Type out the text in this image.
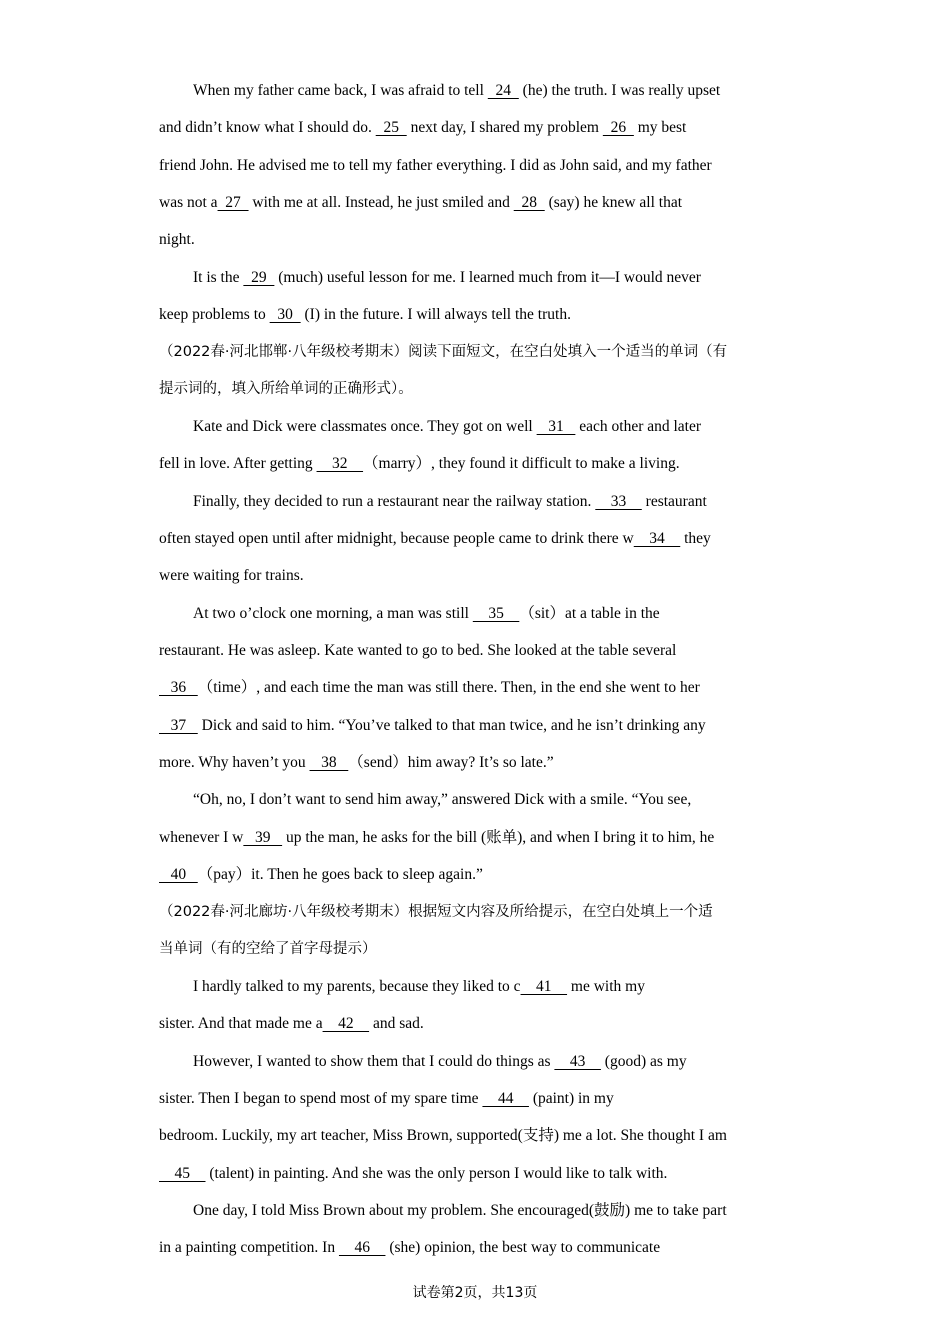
When my father came back, I was afraid to tell   24   (he) the truth. I was really upset
and didn’t know what I should do.   25   next day, I shared my problem   26   my best
friend John. He advised me to tell my father everything. I did as John said, and my father
was not a  27   with me at all. Instead, he just smiled and   28   (say) he knew all that
night.
It is the   29   (much) useful lesson for me. I learned much from it—I would never
keep problems to   30   (I) in the future. I will always tell the truth.
（2022春·河北邯郸·八年级校考期末）阅读下面短文，在空白处填入一个适当的单词（有
提示词的，填入所给单词的正确形式）。
Kate and Dick were classmates once. They got on well    31    each other and later
fell in love. After getting     32    （marry）, they found it difficult to make a living.
Finally, they decided to run a restaurant near the railway station.     33     restaurant
often stayed open until after midnight, because people came to drink there w    34     they
were waiting for trains.
At two o’clock one morning, a man was still     35    （sit）at a table in the
restaurant. He was asleep. Kate wanted to go to bed. She looked at the table several
36   （time）, and each time the man was still there. Then, in the end she went to her
37    Dick and said to him. “You’ve talked to that man twice, and he isn’t drinking any
more. Why haven’t you    38   （send）him away? It’s so late.”
“Oh, no, I don’t want to send him away,” answered Dick with a smile. “You see,
whenever I w   39    up the man, he asks for the bill (账单), and when I bring it to him, he
40   （pay）it. Then he goes back to sleep again.”
（2022春·河北廊坊·八年级校考期末）根据短文内容及所给提示，在空白处填上一个适
当单词（有的空给了首字母提示）
I hardly talked to my parents, because they liked to c    41     me with my
sister. And that made me a    42     and sad.
However, I wanted to show them that I could do things as     43     (good) as my
sister. Then I began to spend most of my spare time     44     (paint) in my
bedroom. Luckily, my art teacher, Miss Brown, supported(支持) me a lot. She thought I am
45     (talent) in painting. And she was the only person I would like to talk with.
One day, I told Miss Brown about my problem. She encouraged(鼓励) me to take part
in a painting competition. In     46     (she) opinion, the best way to communicate
试卷第2页，共13页
